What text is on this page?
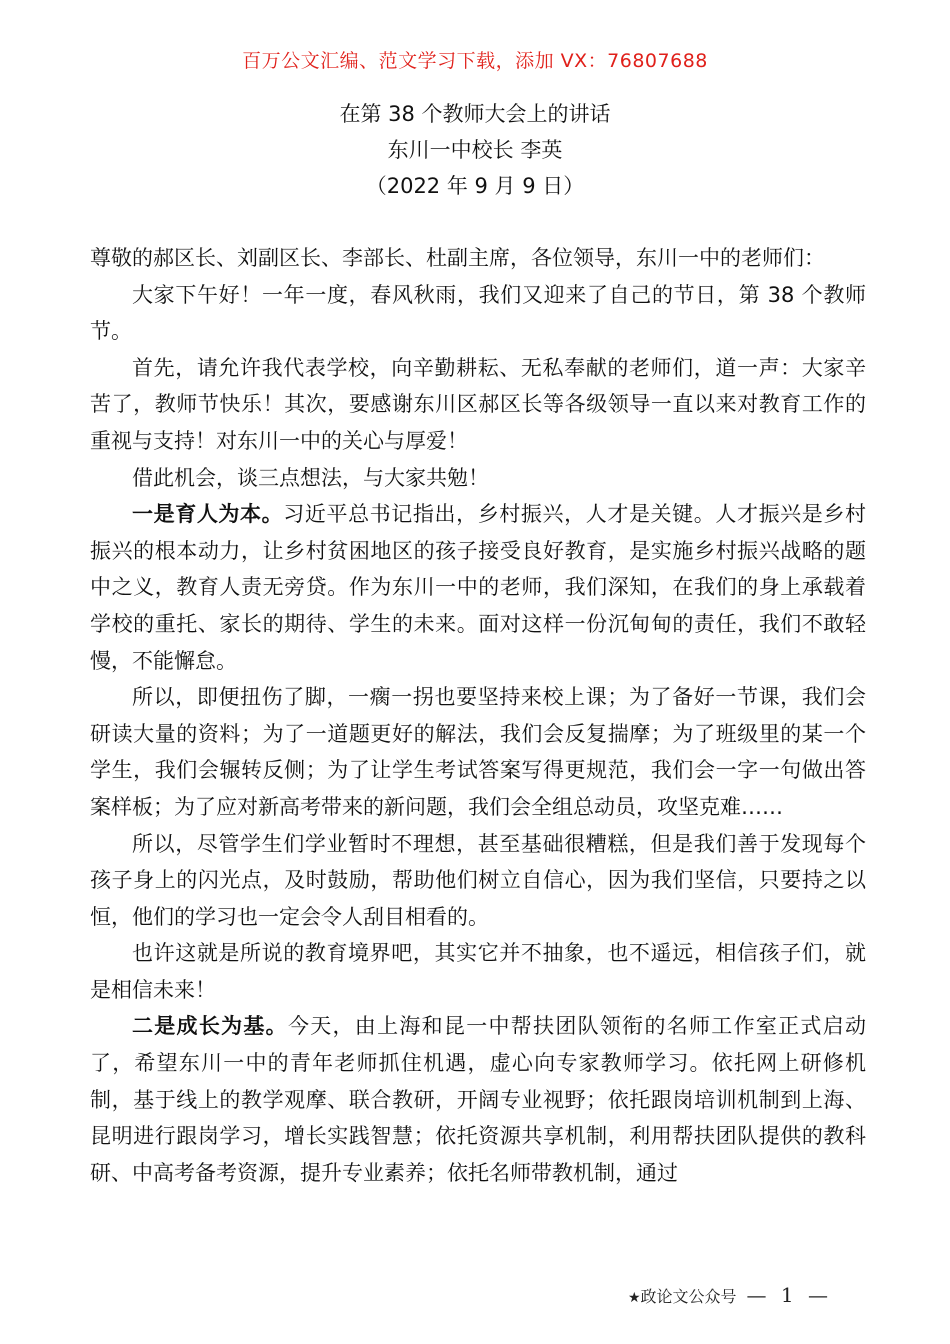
百万公文汇编、范文学习下载，添加 VX：76807688
在第 38 个教师大会上的讲话
东川一中校长 李英
（2022 年 9 月 9 日）

尊敬的郝区长、刘副区长、李部长、杜副主席，各位领导，东川一中的老师们：

大家下午好！一年一度，春风秋雨，我们又迎来了自己的节日，第 38 个教师节。

首先，请允许我代表学校，向辛勤耕耘、无私奉献的老师们，道一声：大家辛苦了，教师节快乐！其次，要感谢东川区郝区长等各级领导一直以来对教育工作的重视与支持！对东川一中的关心与厚爱！

借此机会，谈三点想法，与大家共勉！

一是育人为本。习近平总书记指出，乡村振兴，人才是关键。人才振兴是乡村振兴的根本动力，让乡村贫困地区的孩子接受良好教育，是实施乡村振兴战略的题中之义，教育人责无旁贷。作为东川一中的老师，我们深知，在我们的身上承载着学校的重托、家长的期待、学生的未来。面对这样一份沉甸甸的责任，我们不敢轻慢，不能懈怠。

所以，即便扭伤了脚，一瘸一拐也要坚持来校上课；为了备好一节课，我们会研读大量的资料；为了一道题更好的解法，我们会反复揣摩；为了班级里的某一个学生，我们会辗转反侧；为了让学生考试答案写得更规范，我们会一字一句做出答案样板；为了应对新高考带来的新问题，我们会全组总动员，攻坚克难……

所以，尽管学生们学业暂时不理想，甚至基础很糟糕，但是我们善于发现每个孩子身上的闪光点，及时鼓励，帮助他们树立自信心，因为我们坚信，只要持之以恒，他们的学习也一定会令人刮目相看的。

也许这就是所说的教育境界吧，其实它并不抽象，也不遥远，相信孩子们，就是相信未来！

二是成长为基。今天，由上海和昆一中帮扶团队领衔的名师工作室正式启动了，希望东川一中的青年老师抓住机遇，虚心向专家教师学习。依托网上研修机制，基于线上的教学观摩、联合教研，开阔专业视野；依托跟岗培训机制到上海、昆明进行跟岗学习，增长实践智慧；依托资源共享机制，利用帮扶团队提供的教科研、中高考备考资源，提升专业素养；依托名师带教机制，通过

★政论文公众号 — 1 —
